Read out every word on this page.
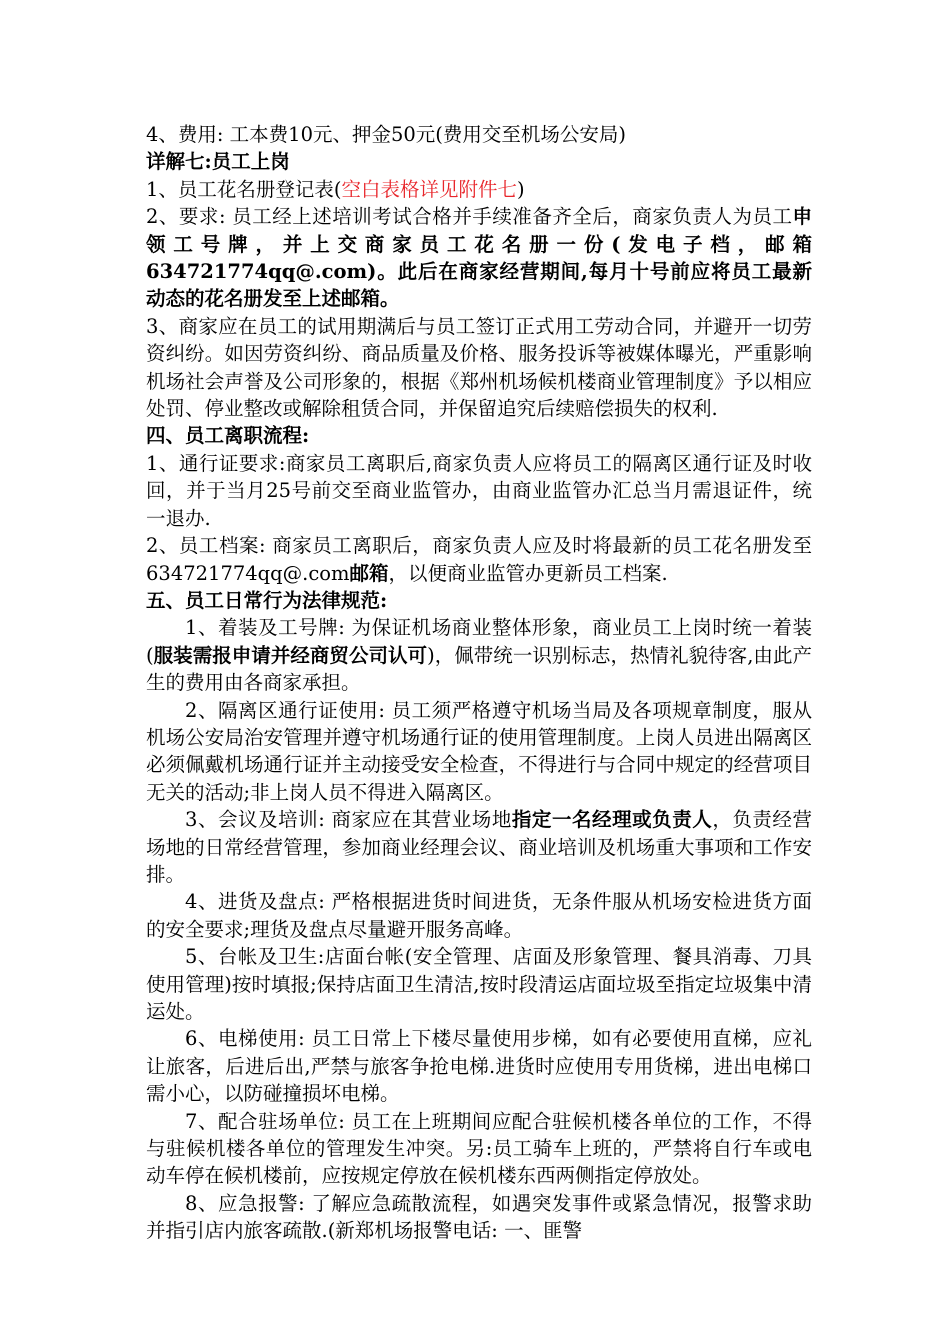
4、费用: 工本费10元、押金50元(费用交至机场公安局)

详解七:员工上岗

1、员工花名册登记表(空白表格详见附件七)

2、要求: 员工经上述培训考试合格并手续准备齐全后，商家负责人为员工申领工号牌，并上交商家员工花名册一份(发电子档，邮箱634721774qq@.com)。此后在商家经营期间,每月十号前应将员工最新动态的花名册发至上述邮箱。

3、商家应在员工的试用期满后与员工签订正式用工劳动合同，并避开一切劳资纠纷。如因劳资纠纷、商品质量及价格、服务投诉等被媒体曝光，严重影响机场社会声誉及公司形象的，根据《郑州机场候机楼商业管理制度》予以相应处罚、停业整改或解除租赁合同，并保留追究后续赔偿损失的权利.

四、员工离职流程:

1、通行证要求:商家员工离职后,商家负责人应将员工的隔离区通行证及时收回，并于当月25号前交至商业监管办，由商业监管办汇总当月需退证件，统一退办.

2、员工档案: 商家员工离职后，商家负责人应及时将最新的员工花名册发至634721774qq@.com邮箱，以便商业监管办更新员工档案.

五、员工日常行为法律规范:

1、着装及工号牌: 为保证机场商业整体形象，商业员工上岗时统一着装(服装需报申请并经商贸公司认可)，佩带统一识别标志，热情礼貌待客,由此产生的费用由各商家承担。

2、隔离区通行证使用: 员工须严格遵守机场当局及各项规章制度，服从机场公安局治安管理并遵守机场通行证的使用管理制度。上岗人员进出隔离区必须佩戴机场通行证并主动接受安全检查，不得进行与合同中规定的经营项目无关的活动;非上岗人员不得进入隔离区。

3、会议及培训: 商家应在其营业场地指定一名经理或负责人，负责经营场地的日常经营管理，参加商业经理会议、商业培训及机场重大事项和工作安排。

4、进货及盘点: 严格根据进货时间进货，无条件服从机场安检进货方面的安全要求;理货及盘点尽量避开服务高峰。

5、台帐及卫生:店面台帐(安全管理、店面及形象管理、餐具消毒、刀具使用管理)按时填报;保持店面卫生清洁,按时段清运店面垃圾至指定垃圾集中清运处。

6、电梯使用: 员工日常上下楼尽量使用步梯，如有必要使用直梯，应礼让旅客，后进后出,严禁与旅客争抢电梯.进货时应使用专用货梯，进出电梯口需小心，以防碰撞损坏电梯。

7、配合驻场单位: 员工在上班期间应配合驻候机楼各单位的工作，不得与驻候机楼各单位的管理发生冲突。另:员工骑车上班的，严禁将自行车或电动车停在候机楼前，应按规定停放在候机楼东西两侧指定停放处。

8、应急报警: 了解应急疏散流程，如遇突发事件或紧急情况，报警求助并指引店内旅客疏散.(新郑机场报警电话: 一、匪警
